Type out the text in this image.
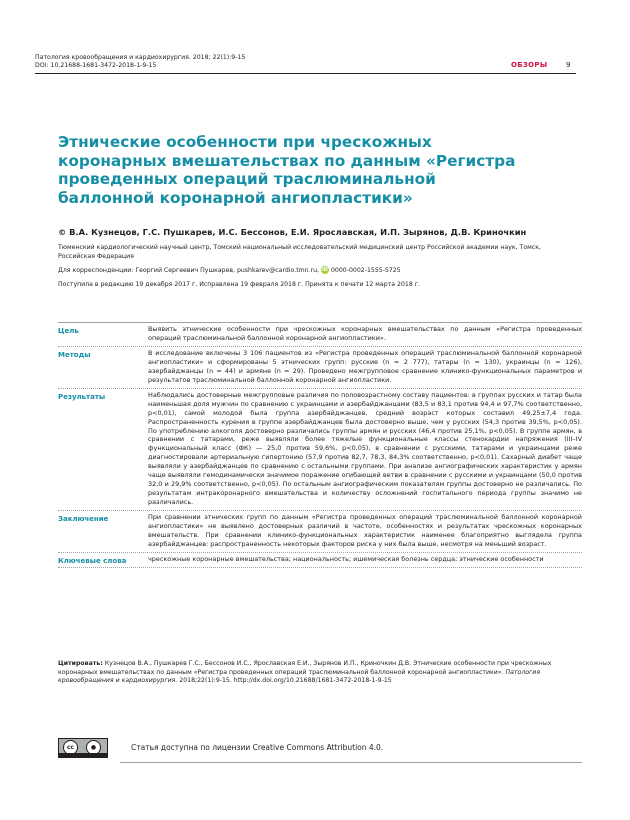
Патология кровообращения и кардиохирургия. 2018; 22(1):9-15
DOI: 10.21688-1681-3472-2018-1-9-15	ОБЗОРЫ	9
Этнические особенности при чрескожных коронарных вмешательствах по данным «Регистра проведенных операций траслюминальной баллонной коронарной ангиопластики»
© В.А. Кузнецов, Г.С. Пушкарев, И.С. Бессонов, Е.И. Ярославская, И.П. Зырянов, Д.В. Криночкин
Тюменский кардиологический научный центр, Томский национальный исследовательский медицинский центр Российской академии наук, Томск, Российская Федерация
Для корреспонденции: Георгий Сергеевич Пушкарев, pushkarev@cardio.tmn.ru, iD 0000-0002-1555-5725
Поступила в редакцию 19 декабря 2017 г. Исправлена 19 февраля 2018 г. Принята к печати 12 марта 2018 г.
Цель	Выявить этнические особенности при чрескожных коронарных вмешательствах по данным «Регистра проведенных операций траслюминальной баллонной коронарной ангиопластики».
Методы	В исследование включены 3 106 пациентов из «Регистра проведенных операций траслюминальной баллонной коронарной ангиопластики» и сформированы 5 этнических групп: русские (n = 2 777), татары (n = 130), украинцы (n = 126), азербайджанцы (n = 44) и армяне (n = 29). Проведено межгрупповое сравнение клинико-функциональных параметров и результатов траслюминальной баллонной коронарной ангиопластики.
Результаты	Наблюдались достоверные межгрупповые различия по половозрастному составу пациентов: в группах русских и татар была наименьшая доля мужчин по сравнению с украинцами и азербайджанцами (83,5 и 83,1 против 94,4 и 97,7% соответственно, p<0,01), самой молодой была группа азербайджанцев, средний возраст которых составил 49,25±7,4 года. Распространенность курения в группе азербайджанцев была достоверно выше, чем у русских (54,3 против 39,5%, p<0,05). По употреблению алкоголя достоверно различались группы армян и русских (46,4 против 25,1%, p<0,05). В группе армян, в сравнении с татарами, реже выявляли более тяжелые функциональные классы стенокардии напряжения (III–IV функциональный класс (ФК) — 25,0 против 59,6%, p<0,05), в сравнении с русскими, татарами и украинцами реже диагностировали артериальную гипертонию (57,9 против 82,7, 78,3, 84,3% соответственно, p<0,01). Сахарный диабет чаще выявляли у азербайджанцев по сравнению с остальными группами. При анализе ангиографических характеристик у армян чаще выявляли гемодинамически значимое поражение огибающей ветви в сравнении с русскими и украинцами (50,0 против 32,0 и 29,9% соответственно, p<0,05). По остальным ангиографическим показателям группы достоверно не различались. По результатам интракоронарного вмешательства и количеству осложнений госпитального периода группы значимо не различались.
Заключение	При сравнении этнических групп по данным «Регистра проведенных операций траслюминальной баллонной коронарной ангиопластики» не выявлено достоверных различий в частоте, особенностях и результатах чрескожных коронарных вмешательств. При сравнении клинико-функциональных характеристик наименее благоприятно выглядела группа азербайджанцев: распространенность некоторых факторов риска у них была выше, несмотря на меньший возраст.
Ключевые слова	чрескожные коронарные вмешательства; национальность; ишемическая болезнь сердца; этнические особенности
Цитировать: Кузнецов В.А., Пушкарев Г.С., Бессонов И.С., Ярославская Е.И., Зырянов И.П., Криночкин Д.В. Этнические особенности при чрескожных коронарных вмешательствах по данным «Регистра проведенных операций траслюминальной баллонной коронарной ангиопластики». Патология кровообращения и кардиохирургия. 2018;22(1):9-15. http://dx.doi.org/10.21688/1681-3472-2018-1-9-15
cc	●	Статья доступна по лицензии Creative Commons Attribution 4.0.
